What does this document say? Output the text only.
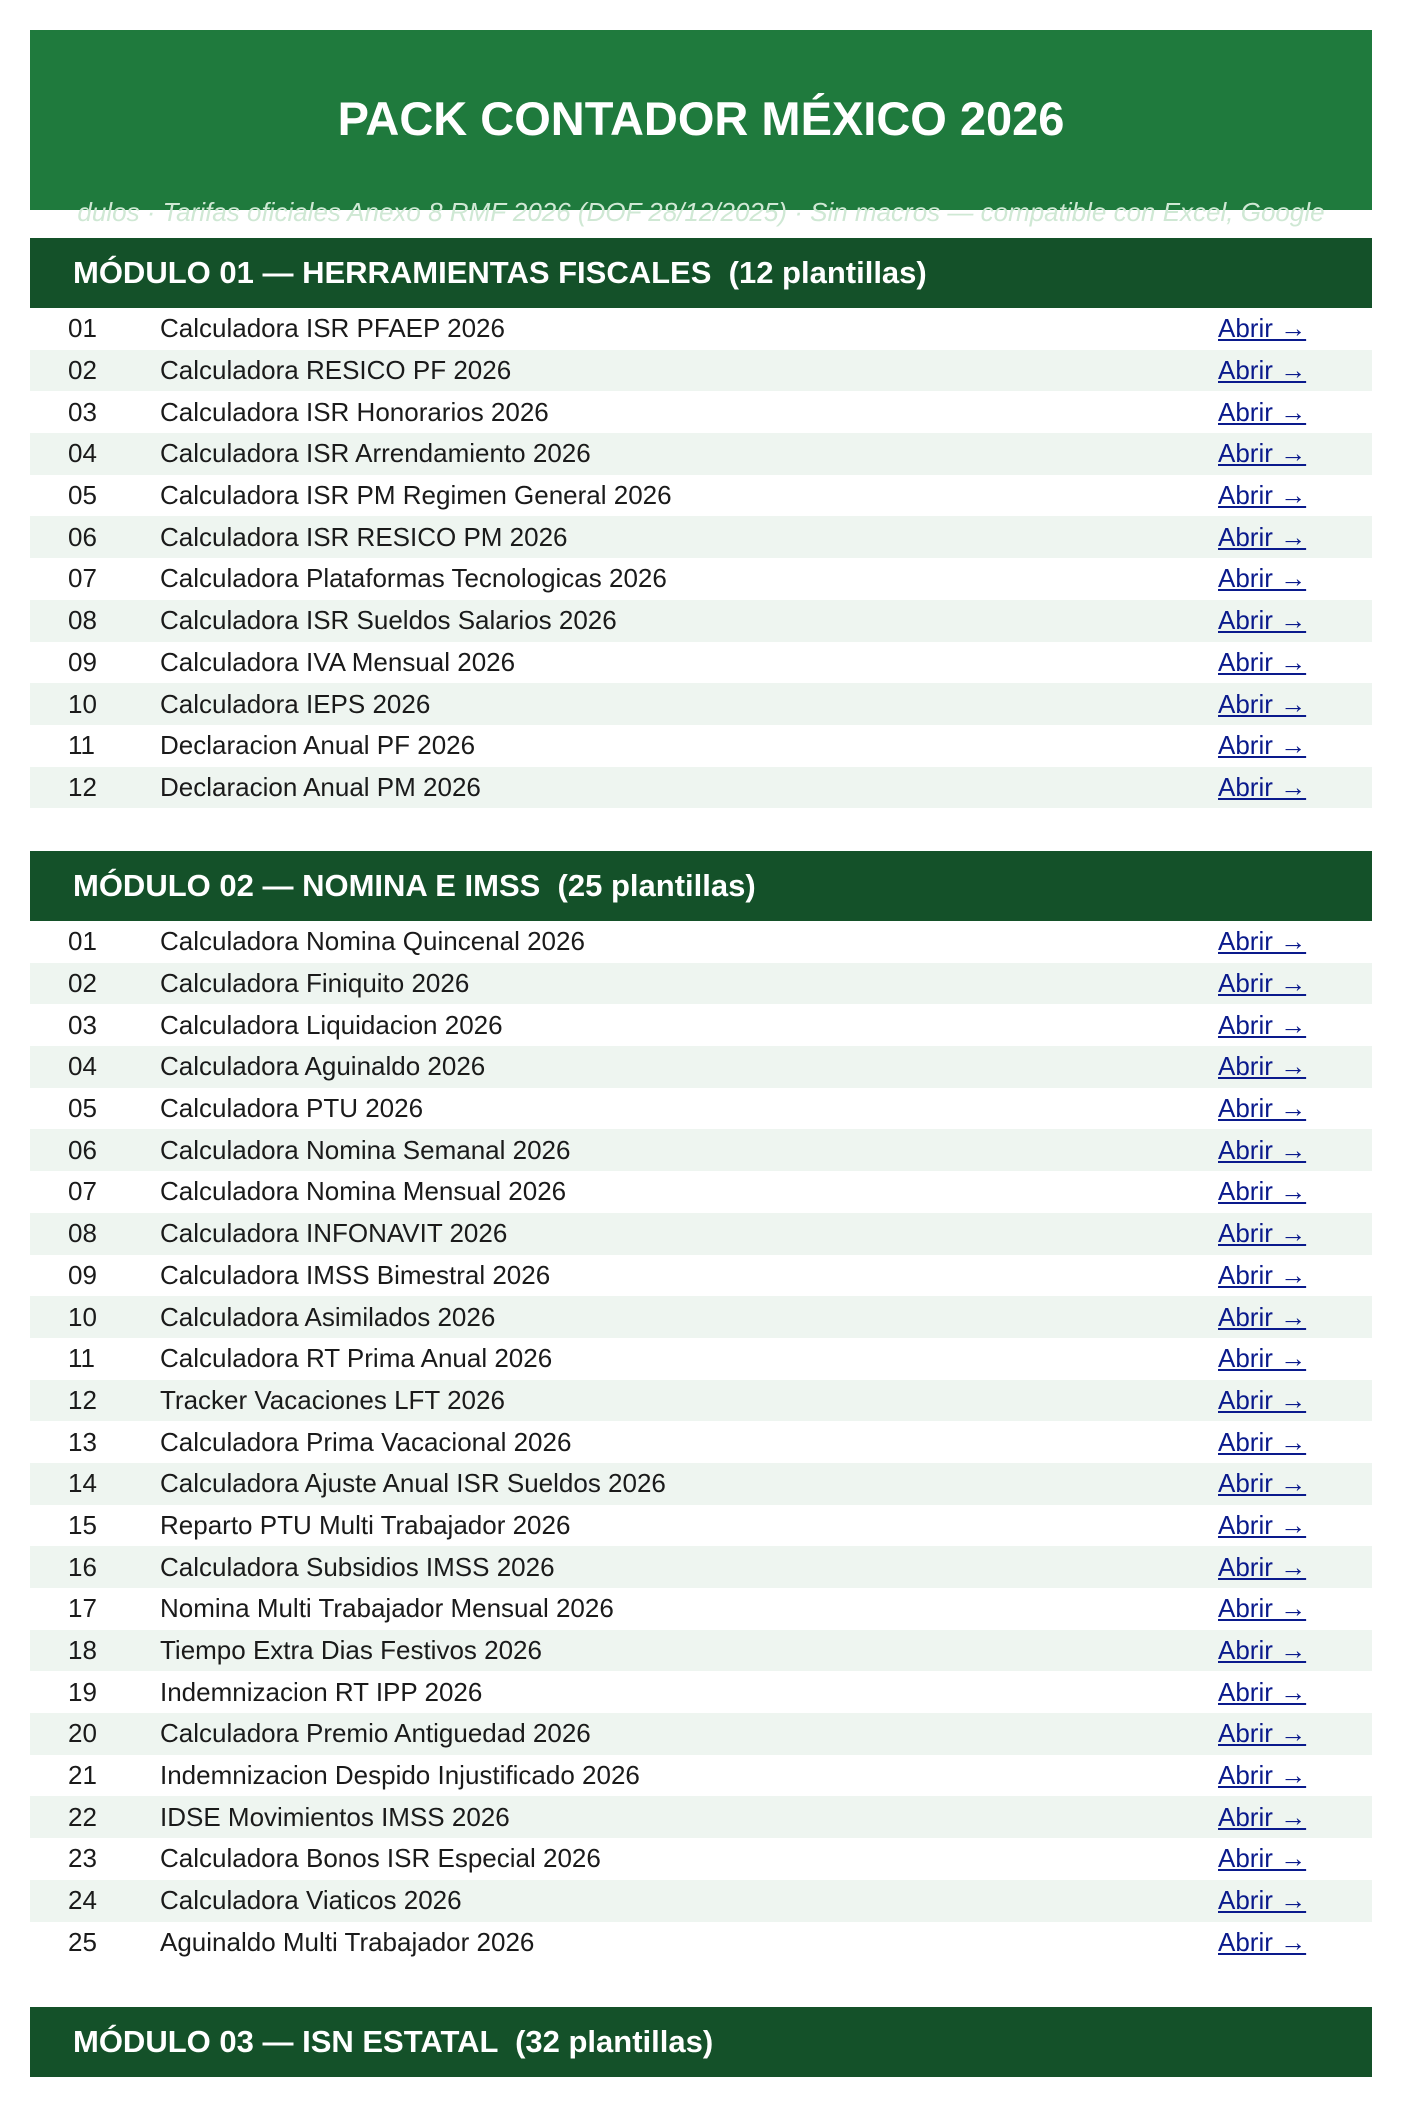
PACK CONTADOR MÉXICO 2026
dulos · Tarifas oficiales Anexo 8 RMF 2026 (DOF 28/12/2025) · Sin macros — compatible con Excel, Google
MÓDULO 01 — HERRAMIENTAS FISCALES  (12 plantillas)
01	Calculadora ISR PFAEP 2026	Abrir →
02	Calculadora RESICO PF 2026	Abrir →
03	Calculadora ISR Honorarios 2026	Abrir →
04	Calculadora ISR Arrendamiento 2026	Abrir →
05	Calculadora ISR PM Regimen General 2026	Abrir →
06	Calculadora ISR RESICO PM 2026	Abrir →
07	Calculadora Plataformas Tecnologicas 2026	Abrir →
08	Calculadora ISR Sueldos Salarios 2026	Abrir →
09	Calculadora IVA Mensual 2026	Abrir →
10	Calculadora IEPS 2026	Abrir →
11	Declaracion Anual PF 2026	Abrir →
12	Declaracion Anual PM 2026	Abrir →
MÓDULO 02 — NOMINA E IMSS  (25 plantillas)
01	Calculadora Nomina Quincenal 2026	Abrir →
02	Calculadora Finiquito 2026	Abrir →
03	Calculadora Liquidacion 2026	Abrir →
04	Calculadora Aguinaldo 2026	Abrir →
05	Calculadora PTU 2026	Abrir →
06	Calculadora Nomina Semanal 2026	Abrir →
07	Calculadora Nomina Mensual 2026	Abrir →
08	Calculadora INFONAVIT 2026	Abrir →
09	Calculadora IMSS Bimestral 2026	Abrir →
10	Calculadora Asimilados 2026	Abrir →
11	Calculadora RT Prima Anual 2026	Abrir →
12	Tracker Vacaciones LFT 2026	Abrir →
13	Calculadora Prima Vacacional 2026	Abrir →
14	Calculadora Ajuste Anual ISR Sueldos 2026	Abrir →
15	Reparto PTU Multi Trabajador 2026	Abrir →
16	Calculadora Subsidios IMSS 2026	Abrir →
17	Nomina Multi Trabajador Mensual 2026	Abrir →
18	Tiempo Extra Dias Festivos 2026	Abrir →
19	Indemnizacion RT IPP 2026	Abrir →
20	Calculadora Premio Antiguedad 2026	Abrir →
21	Indemnizacion Despido Injustificado 2026	Abrir →
22	IDSE Movimientos IMSS 2026	Abrir →
23	Calculadora Bonos ISR Especial 2026	Abrir →
24	Calculadora Viaticos 2026	Abrir →
25	Aguinaldo Multi Trabajador 2026	Abrir →
MÓDULO 03 — ISN ESTATAL  (32 plantillas)
